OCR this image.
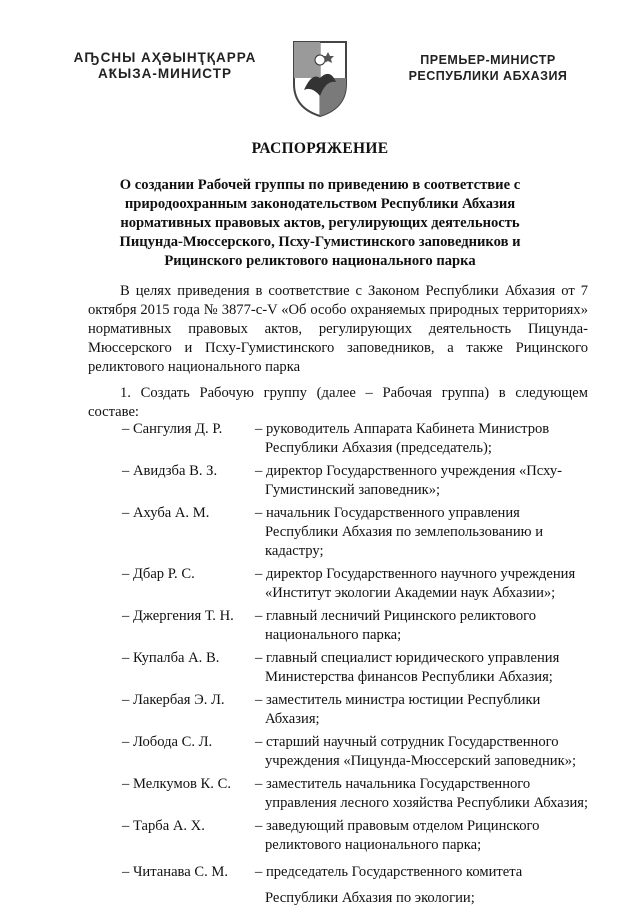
АҦСНЫ АҲӘЫНҬҚАРРА
АҞЫЗА-МИНИСТР
ПРЕМЬЕР-МИНИСТР
РЕСПУБЛИКИ АБХАЗИЯ
РАСПОРЯЖЕНИЕ
О создании Рабочей группы по приведению в соответствие с природоохранным законодательством Республики Абхазия нормативных правовых актов, регулирующих деятельность Пицунда-Мюссерского, Псху-Гумистинского заповедников и Рицинского реликтового национального парка

В целях приведения в соответствие с Законом Республики Абхазия от 7 октября 2015 года № 3877-с-V «Об особо охраняемых природных территориях» нормативных правовых актов, регулирующих деятельность Пицунда-Мюссерского и Псху-Гумистинского заповедников, а также Рицинского реликтового национального парка

1. Создать Рабочую группу (далее – Рабочая группа) в следующем составе:

– Сангулия Д. Р.	– руководитель Аппарата Кабинета Министров Республики Абхазия (председатель);
– Авидзба В. З.	– директор Государственного учреждения «Псху-Гумистинский заповедник»;
– Ахуба А. М.	– начальник Государственного управления Республики Абхазия по землепользованию и кадастру;
– Дбар Р. С.	– директор Государственного научного учреждения «Институт экологии Академии наук Абхазии»;
– Джергения Т. Н.	– главный лесничий Рицинского реликтового национального парка;
– Купалба А. В.	– главный специалист юридического управления Министерства финансов Республики Абхазия;
– Лакербая Э. Л.	– заместитель министра юстиции Республики Абхазия;
– Лобода С. Л.	– старший научный сотрудник Государственного учреждения «Пицунда-Мюссерский заповедник»;
– Мелкумов К. С.	– заместитель начальника Государственного управления лесного хозяйства Республики Абхазия;
– Тарба А. Х.	– заведующий правовым отделом Рицинского реликтового национального парка;
– Читанава С. М.	– председатель Государственного комитета Республики Абхазия по экологии;
